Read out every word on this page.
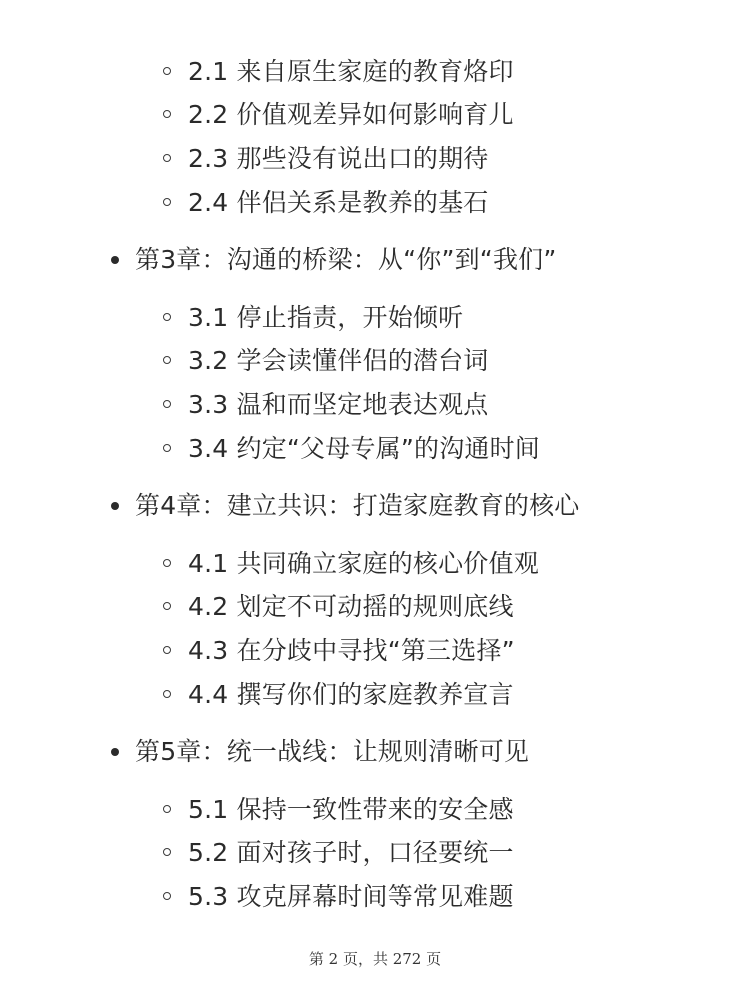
2.1 来自原生家庭的教育烙印
2.2 价值观差异如何影响育儿
2.3 那些没有说出口的期待
2.4 伴侣关系是教养的基石
第3章：沟通的桥梁：从“你”到“我们”
3.1 停止指责，开始倾听
3.2 学会读懂伴侣的潜台词
3.3 温和而坚定地表达观点
3.4 约定“父母专属”的沟通时间
第4章：建立共识：打造家庭教育的核心
4.1 共同确立家庭的核心价值观
4.2 划定不可动摇的规则底线
4.3 在分歧中寻找“第三选择”
4.4 撰写你们的家庭教养宣言
第5章：统一战线：让规则清晰可见
5.1 保持一致性带来的安全感
5.2 面对孩子时，口径要统一
5.3 攻克屏幕时间等常见难题
第 2 页，共 272 页
